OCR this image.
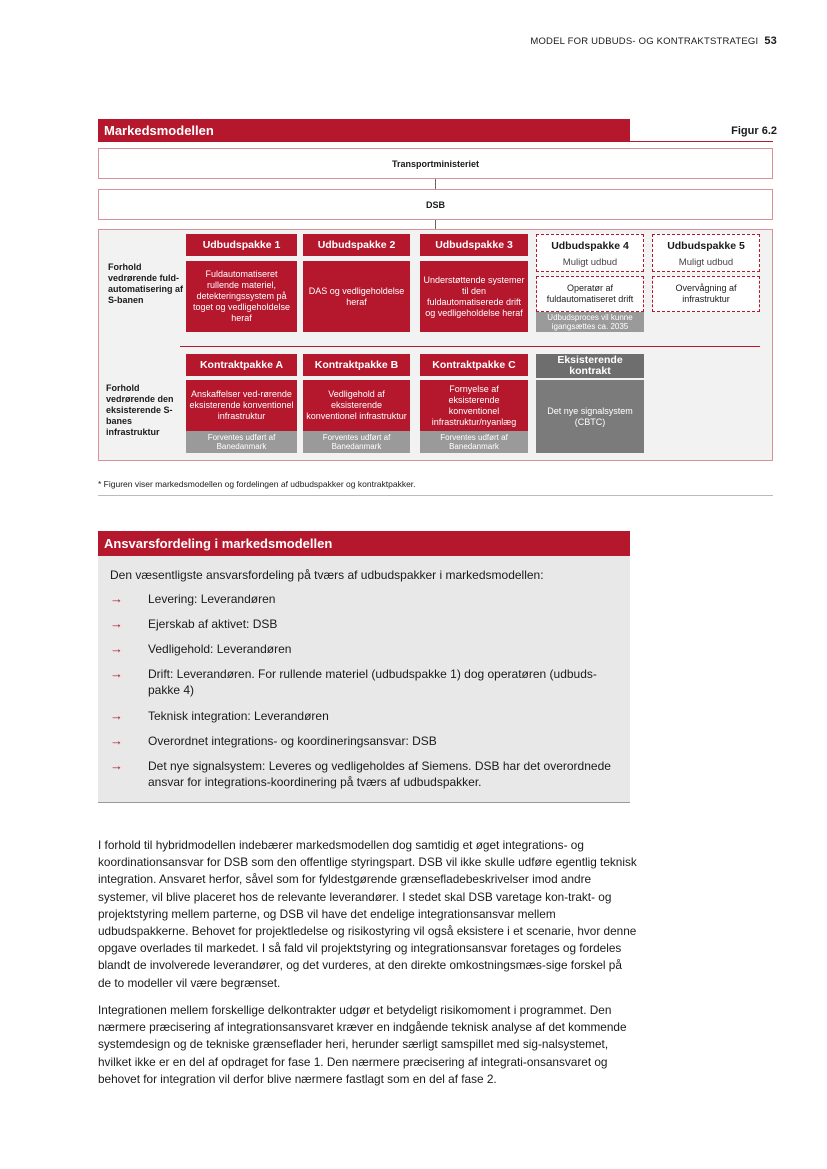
MODEL FOR UDBUDS- OG KONTRAKTSTRATEGI 53
Markedsmodellen	Figur 6.2
Transportministeriet
DSB
Forhold vedrørende fuld-automatisering af S-banen
Forhold vedrørende den eksisterende S-banes infrastruktur
Udbudspakke 1
Fuldautomatiseret rullende materiel, detekteringssystem på toget og vedligeholdelse heraf
Udbudspakke 2
DAS og vedligeholdelse heraf
Udbudspakke 3
Understøttende systemer til den fuldautomatiserede drift og vedligeholdelse heraf
Udbudspakke 4
Muligt udbud
Operatør af fuldautomatiseret drift
Udbudsproces vil kunne igangsættes ca. 2035
Udbudspakke 5
Muligt udbud
Overvågning af infrastruktur
Kontraktpakke A
Anskaffelser ved-rørende eksisterende konventionel infrastruktur
Forventes udført af Banedanmark
Kontraktpakke B
Vedligehold af eksisterende konventionel infrastruktur
Forventes udført af Banedanmark
Kontraktpakke C
Fornyelse af eksisterende konventionel infrastruktur/nyanlæg
Forventes udført af Banedanmark
Eksisterende kontrakt
Det nye signalsystem (CBTC)
* Figuren viser markedsmodellen og fordelingen af udbudspakker og kontraktpakker.
Ansvarsfordeling i markedsmodellen
Den væsentligste ansvarsfordeling på tværs af udbudspakker i markedsmodellen:
→ Levering: Leverandøren
→ Ejerskab af aktivet: DSB
→ Vedligehold: Leverandøren
→ Drift: Leverandøren. For rullende materiel (udbudspakke 1) dog operatøren (udbuds-pakke 4)
→ Teknisk integration: Leverandøren
→ Overordnet integrations- og koordineringsansvar: DSB
→ Det nye signalsystem: Leveres og vedligeholdes af Siemens. DSB har det overordnede ansvar for integrations-koordinering på tværs af udbudspakker.
I forhold til hybridmodellen indebærer markedsmodellen dog samtidig et øget integrations- og koordinationsansvar for DSB som den offentlige styringspart. DSB vil ikke skulle udføre egentlig teknisk integration. Ansvaret herfor, såvel som for fyldestgørende grænsefladebeskrivelser imod andre systemer, vil blive placeret hos de relevante leverandører. I stedet skal DSB varetage kon-trakt- og projektstyring mellem parterne, og DSB vil have det endelige integrationsansvar mellem udbudspakkerne. Behovet for projektledelse og risikostyring vil også eksistere i et scenarie, hvor denne opgave overlades til markedet. I så fald vil projektstyring og integrationsansvar foretages og fordeles blandt de involverede leverandører, og det vurderes, at den direkte omkostningsmæs-sige forskel på de to modeller vil være begrænset.
Integrationen mellem forskellige delkontrakter udgør et betydeligt risikomoment i programmet. Den nærmere præcisering af integrationsansvaret kræver en indgående teknisk analyse af det kommende systemdesign og de tekniske grænseflader heri, herunder særligt samspillet med sig-nalsystemet, hvilket ikke er en del af opdraget for fase 1. Den nærmere præcisering af integrati-onsansvaret og behovet for integration vil derfor blive nærmere fastlagt som en del af fase 2.
